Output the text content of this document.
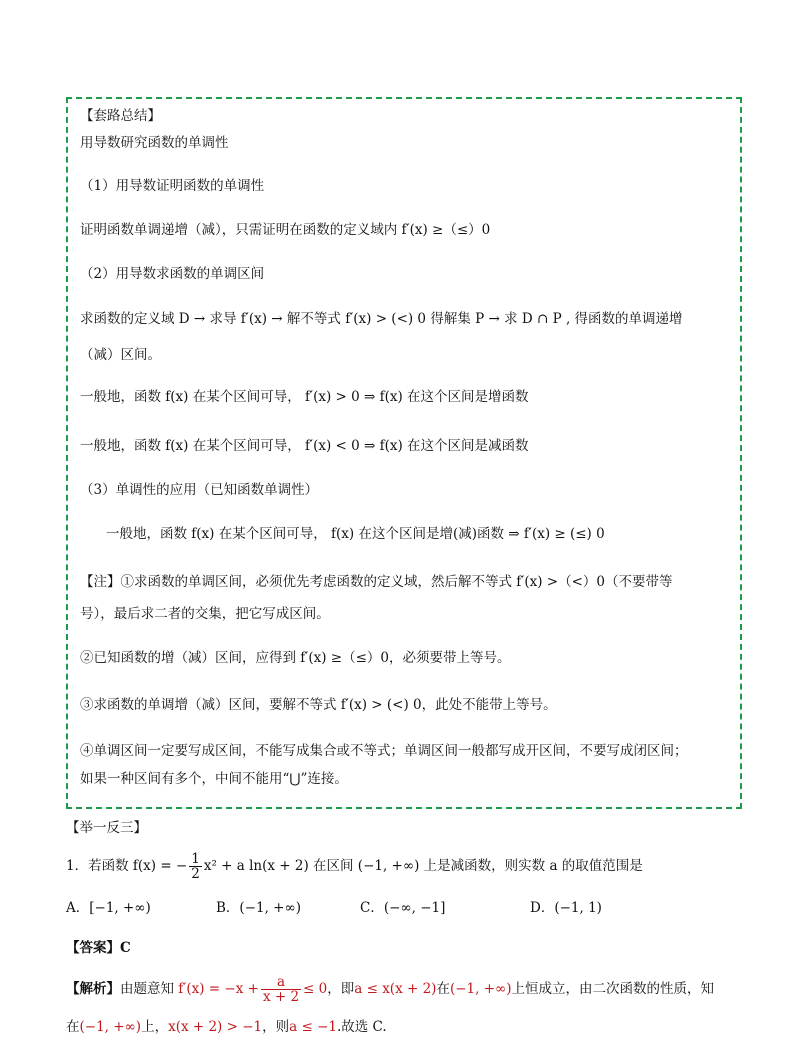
【套路总结】
用导数研究函数的单调性
（1）用导数证明函数的单调性
证明函数单调递增（减），只需证明在函数的定义域内 f′(x) ≥（≤）0
（2）用导数求函数的单调区间
求函数的定义域 D → 求导 f′(x) → 解不等式 f′(x) > (<) 0 得解集 P → 求 D ∩ P , 得函数的单调递增
（减）区间。
一般地，函数 f(x) 在某个区间可导， f′(x) > 0 ⇒ f(x) 在这个区间是增函数
一般地，函数 f(x) 在某个区间可导， f′(x) < 0 ⇒ f(x) 在这个区间是减函数
（3）单调性的应用（已知函数单调性）
一般地，函数 f(x) 在某个区间可导， f(x) 在这个区间是增(减)函数 ⇒ f′(x) ≥ (≤) 0
【注】①求函数的单调区间，必须优先考虑函数的定义域，然后解不等式 f′(x) >（<）0（不要带等
号），最后求二者的交集，把它写成区间。
②已知函数的增（减）区间，应得到 f′(x) ≥（≤）0，必须要带上等号。
③求函数的单调增（减）区间，要解不等式 f′(x) > (<) 0，此处不能带上等号。
④单调区间一定要写成区间，不能写成集合或不等式；单调区间一般都写成开区间，不要写成闭区间；
如果一种区间有多个，中间不能用“⋃”连接。
【举一反三】
1．若函数 f(x) = − $\frac{1}{2} x^2 + a$ ln(x + 2) 在区间 (−1, +∞) 上是减函数，则实数 a 的取值范围是
A．[−1, +∞)	B．(−1, +∞)	C．(−∞, −1]	D．(−1, 1)
【答案】C
【解析】由题意知 $f'(x) = -x + \frac{a}{x + 2} \le 0$，即a ≤ x(x + 2)在(−1, +∞)上恒成立，由二次函数的性质，知
在(−1, +∞)上，x(x + 2) > −1，则a ≤ −1.故选 C.
